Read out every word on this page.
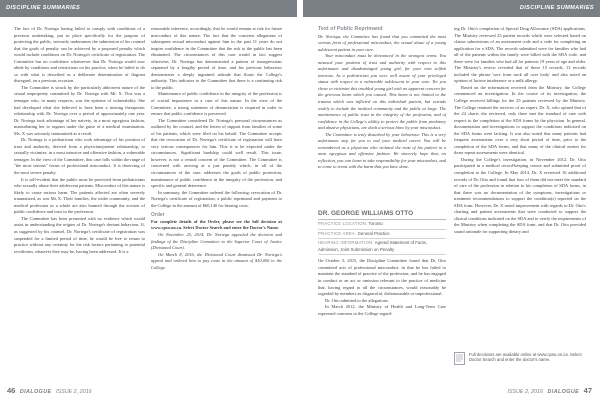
DISCIPLINE SUMMARIES	DISCIPLINE SUMMARIES

The fact of Dr. Noriega having failed to comply with conditions of a previous undertaking, put in place specifically for the purpose of protecting the public, seriously undermines the submission of his counsel that the goals of penalty can be achieved by a proposed penalty which would include conditions on Dr. Noriega's certificate of registration. The Committee has no confidence whatsoever that Dr. Noriega would now abide by conditions and restrictions on his practice, when he failed to do so with what is described as a deliberate determination of flagrant disregard, on a previous occasion.

The Committee is struck by the particularly abhorrent nature of the sexual impropriety committed by Dr. Noriega with Mr. X. This was a teenager who, in many respects, was the epitome of vulnerability. She had developed what she believed to have been a trusting therapeutic relationship with Dr. Noriega over a period of approximately one year. Dr. Noriega took advantage of her naivety, in a most egregious fashion, masturbating her to orgasm under the guise of a medical examination. Ms. X was seriously traumatized as a result.

Dr. Noriega is a pediatrician who took advantage of his position of trust and authority, derived from a physician/patient relationship, to sexually victimize, in a most intrusive and offensive fashion, a vulnerable teenager. In the view of the Committee, this case falls within the range of "the most serious" forms of professional misconduct. It is deserving of the most severe penalty.

It is self-evident that the public must be protected from pediatricians who sexually abuse their adolescent patients. Misconduct of this nature is likely to cause serious harm. The patients affected are often severely traumatized, as was Ms X. Their families, the wider community, and the medical profession as a whole are also harmed through the erosion of public confidence and trust in the profession.

The Committee has been presented with no evidence which would assist in understanding the origins of Dr. Noriega's deviant behaviour. If, as suggested by his counsel, Dr. Noriega's certificate of registration was suspended for a limited period of time, he would be free to return to practice without any certainty for the risk factors pertaining to potential recidivism, whatever they may be, having been addressed. It is a

reasonable inference, accordingly, that he would remain at risk for future misconduct of this nature. The fact that the concerns allegations of subsequent sexual misconduct against him in the past 11 years do not inspire confidence in the Committee that the risk to the public has been eliminated. The circumstances of this case would in fact suggest otherwise; Dr. Noriega has demonstrated a pattern of transgressions separated by a lengthy period of time, and his previous behaviour demonstrates a deeply ingrained attitude that flouts the College's authority. This indicates to the Committee that there is a continuing risk to the public.

Maintenance of public confidence in the integrity of the profession is of crucial importance in a case of this nature. In the view of the Committee, a strong statement of denunciation is required in order to ensure that public confidence is preserved.

The Committee considered Dr. Noriega's personal circumstances as outlined by his counsel, and the letters of support from families of some of his patients, which were filed on his behalf. The Committee accepts that the revocation of Dr. Noriega's certificate of registration will have very serious consequences for him. This is to be expected under the circumstances. Significant hardship could well result. This issue, however, is not a central concern of the Committee. The Committee is concerned with arriving at a just penalty which, in all of the circumstances of the case, addresses the goals of public protection, maintenance of public confidence in the integrity of the profession, and specific and general deterrence.

In summary, the Committee ordered the following: revocation of Dr. Noriega's certificate of registration; a public reprimand and payment to the College in the amount of $60,140 for hearing costs.

Order

For complete details of the Order, please see the full decision at www.cpso.on.ca. Select Doctor Search and enter the Doctor's Name.

On November 25, 2014, Dr. Noriega appealed the decision and findings of the Discipline Committee to the Superior Court of Justice (Divisional Court).

On March 8, 2016, the Divisional Court dismissed Dr. Noriega's appeal and ordered him to pay costs in the amount of $10,000 to the College.

Text of Public Reprimand

Dr. Noriega, the Committee has found that you committed the most serious form of professional misconduct, the sexual abuse of a young adolescent patient in your care.

Your misconduct must be denounced in the strongest terms. You misused your position of trust and authority with respect to this unfortunate and disadvantaged young girl, for your own selfish interests. As a pediatrician you were well aware of your privileged status with respect to a vulnerable adolescent in your care. Yet you chose to victimize this troubled young girl with no apparent concern for the grievous harm which you caused. This harm is not limited to the trauma which was inflicted on this individual patient, but extends widely to include the medical community and the public at large. The maintenance of public trust in the integrity of the profession, and of confidence in the College's ability to protect the public from predatory and abusive physicians, are dealt a serious blow by your misconduct.

The Committee is truly disturbed by your behaviour. This is a very unfortunate step for you to end your medical career. You will be remembered as a physician who violated the trust of his patient in a most egregious and offensive fashion. We sincerely hope that, on reflection, you can learn to take responsibility for your misconduct, and to come to terms with the harm that you have done.

DR. GEORGE WILLIAMS OTTO
PRACTICE LOCATION: Toronto
PRACTICE AREA: General Practice
HEARING INFORMATION: Agreed Statement of Facts, Admission, Joint Submission on Penalty

On October 5, 2015, the Discipline Committee found that Dr. Otto committed acts of professional misconduct, in that he has failed to maintain the standard of practice of the profession; and he has engaged in conduct or an act or omission relevant to the practice of medicine that, having regard to all the circumstances, would reasonably be regarded by members as disgraceful, dishonourable or unprofessional.

Dr. Otto admitted to the allegations.

In March 2012, the Ministry of Health and Long-Term Care expressed concerns to the College regard-

ing Dr. Otto's completion of Special Drug Allowance (SDA) applications. The Ministry reviewed 25 patient records which were selected based on claims submissions of an assessment code and a code for completing an application for a SDA. The records submitted were for families who had all of the patients within the family were billed with the SDA code, and these were for families who had all for patients 19 years of age and older. The Ministry's review revealed that of these 15 records, 13 records included the phrase 'sore from neck all over body' and also noted an opinion of lactose intolerance or a milk allergy.

Based on the information received from the Ministry, the College commenced an investigation. In the course of its investigation, the College received billings for the 25 patients reviewed by the Ministry. The College retained the services of an expert, Dr. X, who opined that of the 24 charts she reviewed, only three met the standard of care with respect to the completion of the SDA forms by the physician. In general, documentation and investigations to support the conditions indicated on the SDA forms were lacking. It was also noted that many patients had frequent assessments over a very short period of time, prior to the completion of the SDA forms, and that many of the clinical entries for those repeat assessments were identical.

During the College's investigation, in November 2012, Dr. Otto participated in a medical record-keeping course and submitted proof of completion to the College. In May 2014, Dr. X reviewed 16 additional records of Dr. Otto and found that four of them did not meet the standard of care of the profession in relation to his completion of SDA forms, in that there was no documentation of the symptoms, investigations or treatment recommendations to support the condition(s) reported on the SDA form. However, Dr. X noted improvement with regards to Dr. Otto's charting and patient assessments that were conducted to support the clinical conditions indicated on the SDA and to verify the requirements of the Ministry when completing the SDA form, and that Dr. Otto provided sound rationale for supporting dietary and

Full decisions are available online at www.cpso.on.ca. Select Doctor Search and enter the doctor's name.
46 DIALOGUE ISSUE 2, 2016	ISSUE 2, 2016 DIALOGUE 47
